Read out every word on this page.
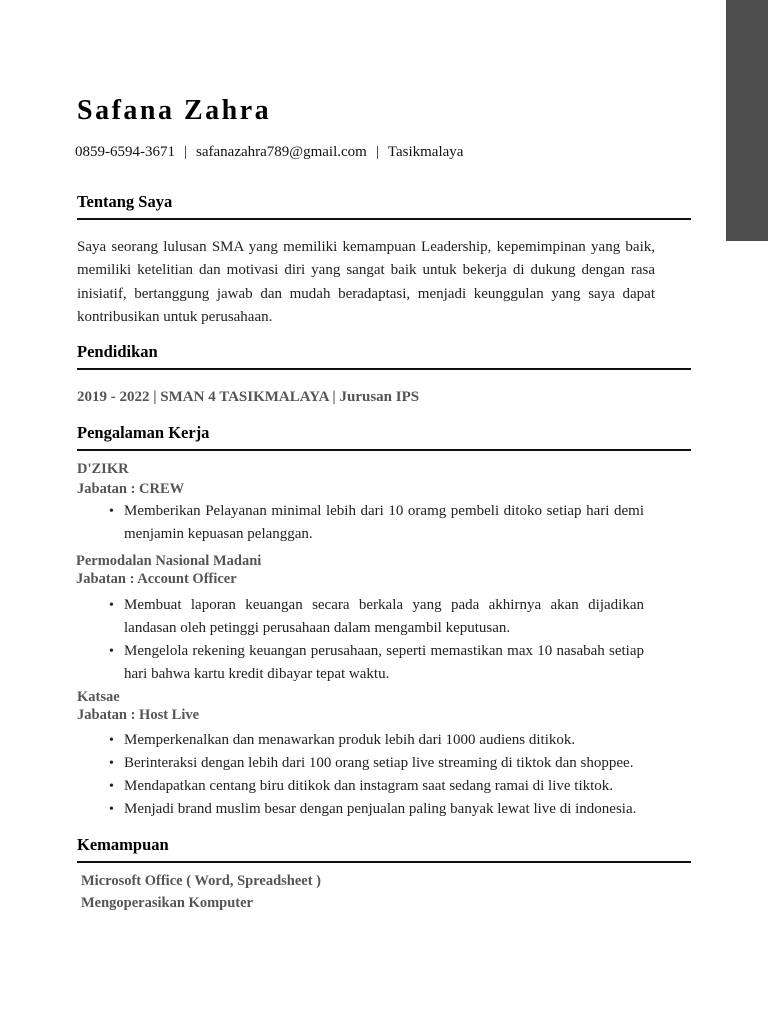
Safana Zahra
0859-6594-3671 | safanazahra789@gmail.com | Tasikmalaya
Tentang Saya
Saya seorang lulusan SMA yang memiliki kemampuan Leadership, kepemimpinan yang baik, memiliki ketelitian dan motivasi diri yang sangat baik untuk bekerja di dukung dengan rasa inisiatif, bertanggung jawab dan mudah beradaptasi, menjadi keunggulan yang saya dapat kontribusikan untuk perusahaan.
Pendidikan
2019 - 2022 | SMAN 4 TASIKMALAYA | Jurusan IPS
Pengalaman Kerja
D'ZIKR
Jabatan : CREW
• Memberikan Pelayanan minimal lebih dari 10 oramg pembeli ditoko setiap hari demi menjamin kepuasan pelanggan.
Permodalan Nasional Madani
Jabatan : Account Officer
• Membuat laporan keuangan secara berkala yang pada akhirnya akan dijadikan landasan oleh petinggi perusahaan dalam mengambil keputusan.
• Mengelola rekening keuangan perusahaan, seperti memastikan max 10 nasabah setiap hari bahwa kartu kredit dibayar tepat waktu.
Katsae
Jabatan : Host Live
• Memperkenalkan dan menawarkan produk lebih dari 1000 audiens ditikok.
• Berinteraksi dengan lebih dari 100 orang setiap live streaming di tiktok dan shoppee.
• Mendapatkan centang biru ditikok dan instagram saat sedang ramai di live tiktok.
• Menjadi brand muslim besar dengan penjualan paling banyak lewat live di indonesia.
Kemampuan
Microsoft Office ( Word, Spreadsheet )
Mengoperasikan Komputer
